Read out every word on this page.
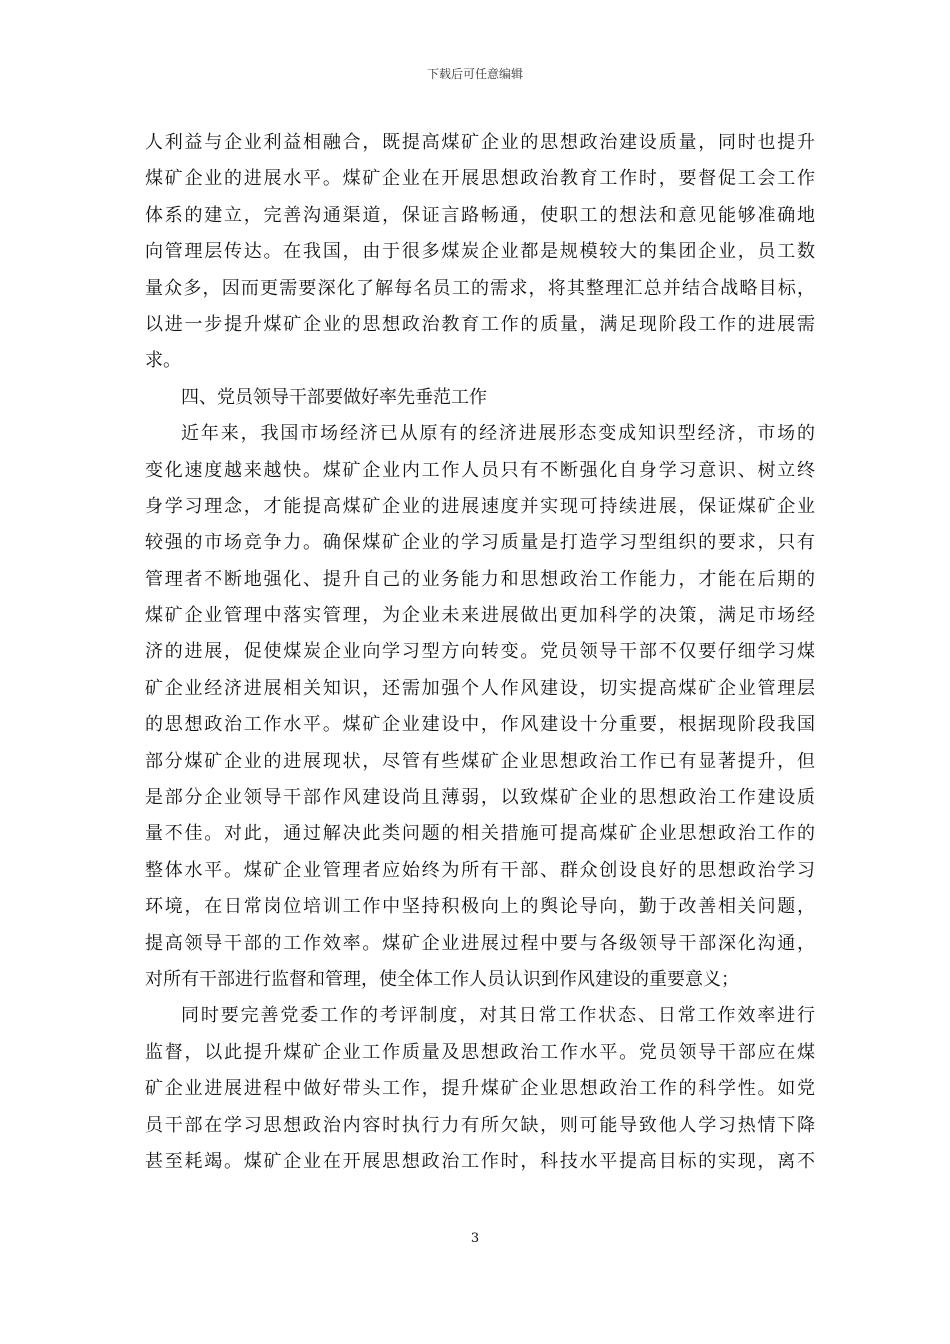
下载后可任意编辑
人利益与企业利益相融合，既提高煤矿企业的思想政治建设质量，同时也提升
煤矿企业的进展水平。煤矿企业在开展思想政治教育工作时，要督促工会工作
体系的建立，完善沟通渠道，保证言路畅通，使职工的想法和意见能够准确地
向管理层传达。在我国，由于很多煤炭企业都是规模较大的集团企业，员工数
量众多，因而更需要深化了解每名员工的需求，将其整理汇总并结合战略目标，
以进一步提升煤矿企业的思想政治教育工作的质量，满足现阶段工作的进展需
求。
四、党员领导干部要做好率先垂范工作
近年来，我国市场经济已从原有的经济进展形态变成知识型经济，市场的
变化速度越来越快。煤矿企业内工作人员只有不断强化自身学习意识、树立终
身学习理念，才能提高煤矿企业的进展速度并实现可持续进展，保证煤矿企业
较强的市场竞争力。确保煤矿企业的学习质量是打造学习型组织的要求，只有
管理者不断地强化、提升自己的业务能力和思想政治工作能力，才能在后期的
煤矿企业管理中落实管理，为企业未来进展做出更加科学的决策，满足市场经
济的进展，促使煤炭企业向学习型方向转变。党员领导干部不仅要仔细学习煤
矿企业经济进展相关知识，还需加强个人作风建设，切实提高煤矿企业管理层
的思想政治工作水平。煤矿企业建设中，作风建设十分重要，根据现阶段我国
部分煤矿企业的进展现状，尽管有些煤矿企业思想政治工作已有显著提升，但
是部分企业领导干部作风建设尚且薄弱，以致煤矿企业的思想政治工作建设质
量不佳。对此，通过解决此类问题的相关措施可提高煤矿企业思想政治工作的
整体水平。煤矿企业管理者应始终为所有干部、群众创设良好的思想政治学习
环境，在日常岗位培训工作中坚持积极向上的舆论导向，勤于改善相关问题，
提高领导干部的工作效率。煤矿企业进展过程中要与各级领导干部深化沟通，
对所有干部进行监督和管理，使全体工作人员认识到作风建设的重要意义；
同时要完善党委工作的考评制度，对其日常工作状态、日常工作效率进行
监督，以此提升煤矿企业工作质量及思想政治工作水平。党员领导干部应在煤
矿企业进展进程中做好带头工作，提升煤矿企业思想政治工作的科学性。如党
员干部在学习思想政治内容时执行力有所欠缺，则可能导致他人学习热情下降
甚至耗竭。煤矿企业在开展思想政治工作时，科技水平提高目标的实现，离不
3
